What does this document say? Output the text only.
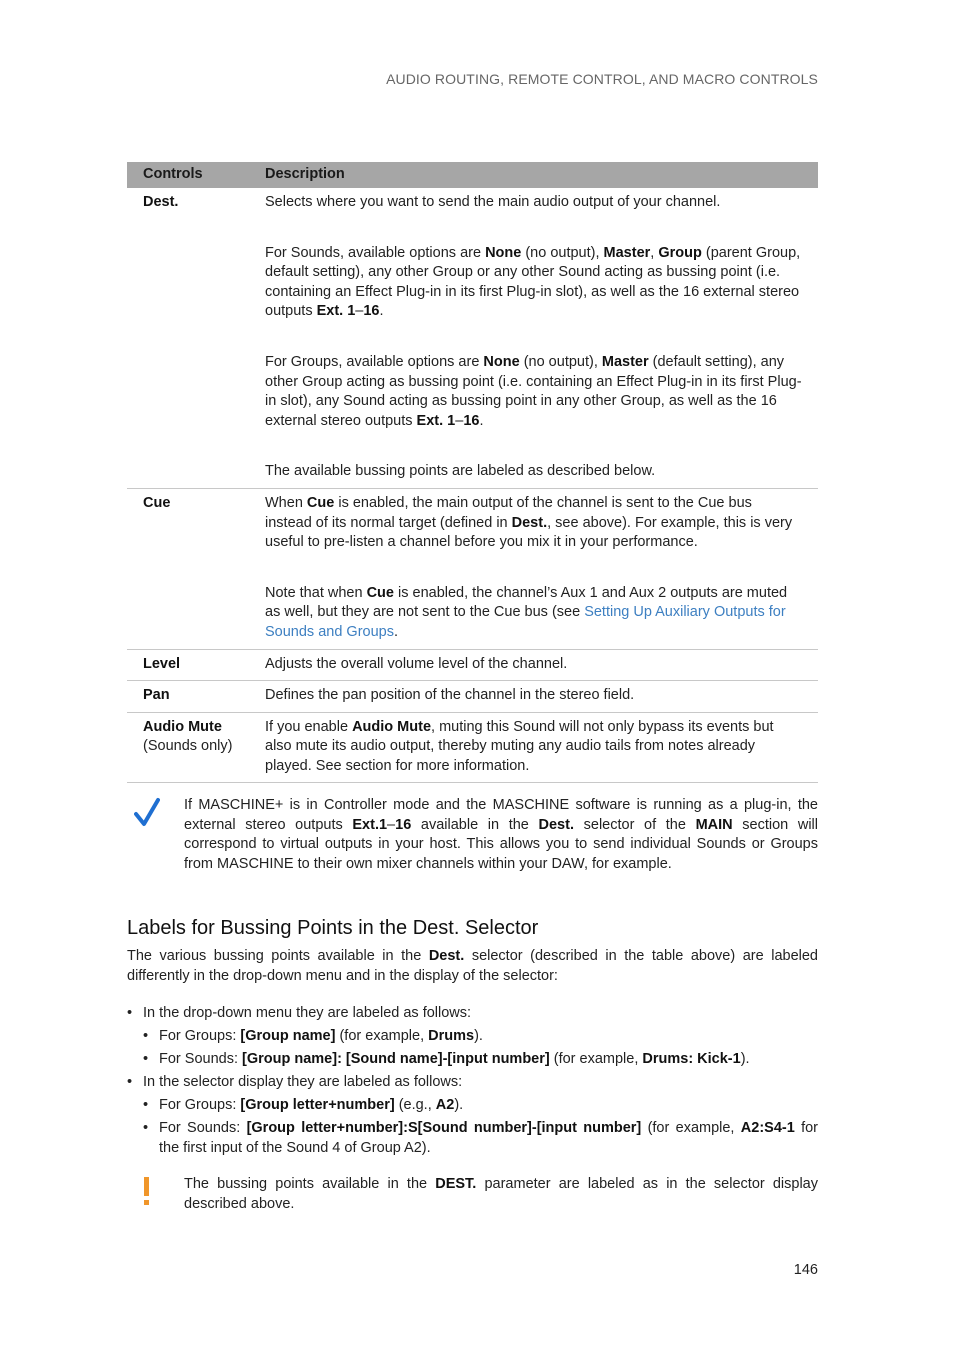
AUDIO ROUTING, REMOTE CONTROL, AND MACRO CONTROLS
Controls	Description
Dest.	Selects where you want to send the main audio output of your channel.

For Sounds, available options are None (no output), Master, Group (parent Group, default setting), any other Group or any other Sound acting as bussing point (i.e. containing an Effect Plug-in in its first Plug-in slot), as well as the 16 external stereo outputs Ext. 1–16.

For Groups, available options are None (no output), Master (default setting), any other Group acting as bussing point (i.e. containing an Effect Plug-in in its first Plug-in slot), any Sound acting as bussing point in any other Group, as well as the 16 external stereo outputs Ext. 1–16.

The available bussing points are labeled as described below.

Cue	When Cue is enabled, the main output of the channel is sent to the Cue bus instead of its normal target (defined in Dest., see above). For example, this is very useful to pre-listen a channel before you mix it in your performance.

Note that when Cue is enabled, the channel’s Aux 1 and Aux 2 outputs are muted as well, but they are not sent to the Cue bus (see Setting Up Auxiliary Outputs for Sounds and Groups.

Level	Adjusts the overall volume level of the channel.
Pan	Defines the pan position of the channel in the stereo field.
Audio Mute
(Sounds only)	If you enable Audio Mute, muting this Sound will not only bypass its events but also mute its audio output, thereby muting any audio tails from notes already played. See section for more information.
If MASCHINE+ is in Controller mode and the MASCHINE software is running as a plug-in, the external stereo outputs Ext.1–16 available in the Dest. selector of the MAIN section will correspond to virtual outputs in your host. This allows you to send individual Sounds or Groups from MASCHINE to their own mixer channels within your DAW, for example.
Labels for Bussing Points in the Dest. Selector
The various bussing points available in the Dest. selector (described in the table above) are labeled differently in the drop-down menu and in the display of the selector:
• In the drop-down menu they are labeled as follows:
• For Groups: [Group name] (for example, Drums).
• For Sounds: [Group name]: [Sound name]-[input number] (for example, Drums: Kick-1).
• In the selector display they are labeled as follows:
• For Groups: [Group letter+number] (e.g., A2).
• For Sounds: [Group letter+number]:S[Sound number]-[input number] (for example, A2:S4-1 for the first input of the Sound 4 of Group A2).
The bussing points available in the DEST. parameter are labeled as in the selector display described above.
146
